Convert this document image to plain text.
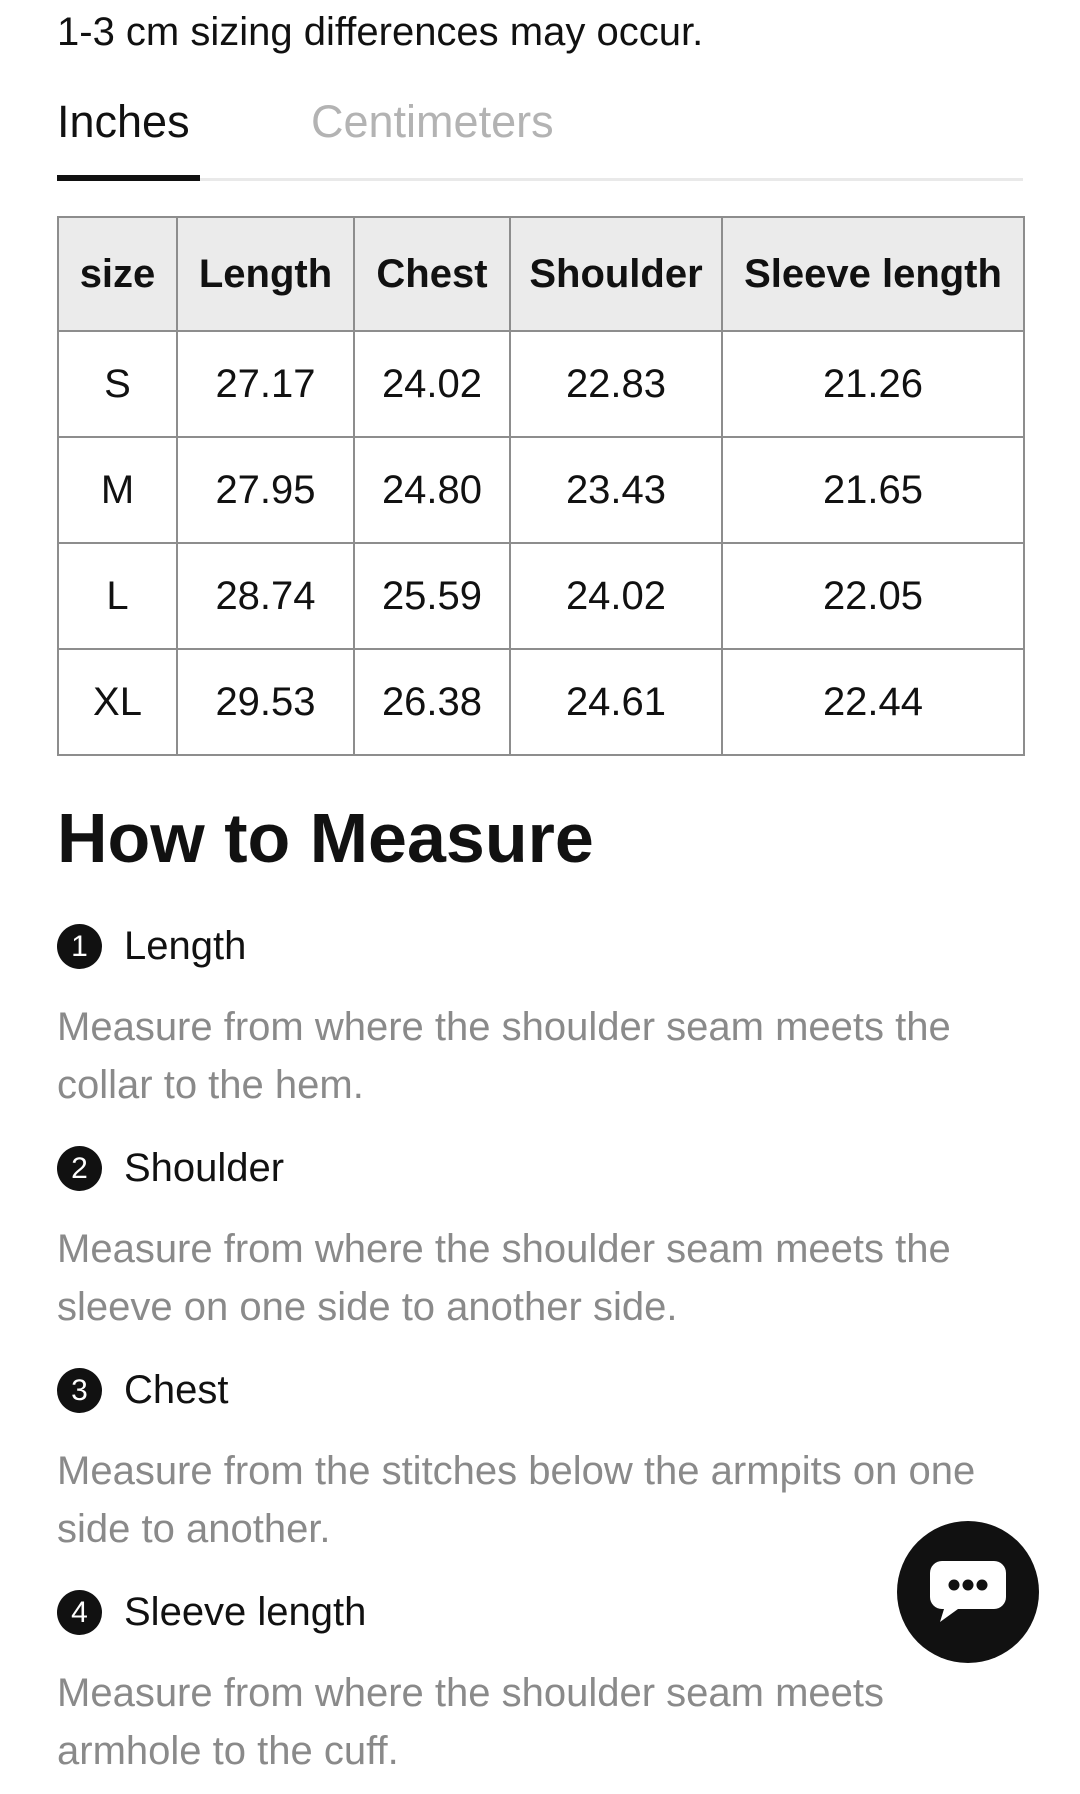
1-3 cm sizing differences may occur.
Inches	Centimeters
size	Length	Chest	Shoulder	Sleeve length
S	27.17	24.02	22.83	21.26
M	27.95	24.80	23.43	21.65
L	28.74	25.59	24.02	22.05
XL	29.53	26.38	24.61	22.44
How to Measure
1 Length
Measure from where the shoulder seam meets the collar to the hem.
2 Shoulder
Measure from where the shoulder seam meets the sleeve on one side to another side.
3 Chest
Measure from the stitches below the armpits on one side to another.
4 Sleeve length
Measure from where the shoulder seam meets armhole to the cuff.
